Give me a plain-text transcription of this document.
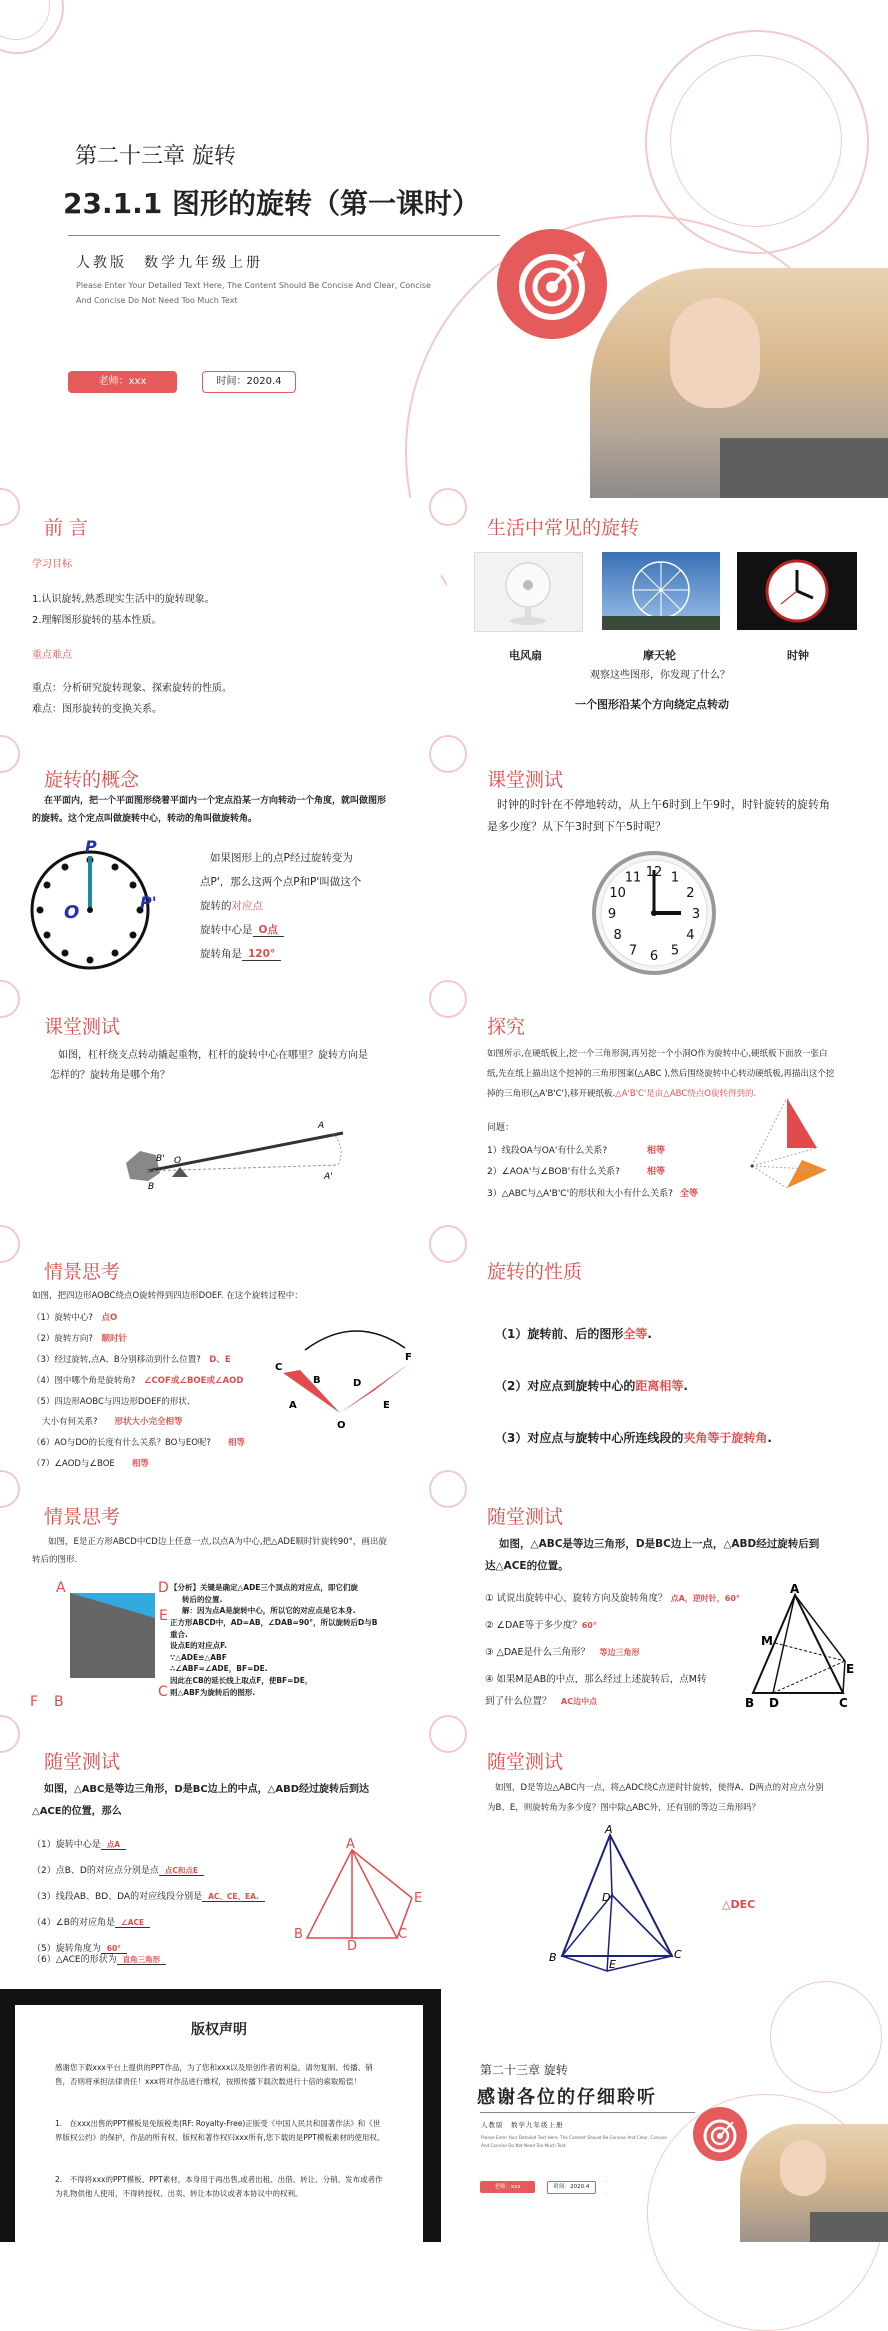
第二十三章 旋转
23.1.1 图形的旋转（第一课时）
人教版　数学九年级上册
Please Enter Your Detailed Text Here, The Content Should Be Concise And Clear, Concise
And Concise Do Not Need Too Much Text
老师：xxx	时间：2020.4
前 言
学习目标
1.认识旋转,熟悉现实生活中的旋转现象。
2.理解图形旋转的基本性质。
重点难点
重点：分析研究旋转现象、探索旋转的性质。
难点：图形旋转的变换关系。
生活中常见的旋转
电风扇	摩天轮	时钟
观察这些图形，你发现了什么？
一个图形沿某个方向绕定点转动
旋转的概念
在平面内，把一个平面图形绕着平面内一个定点沿某一方向转动一个角度，就叫做图形
的旋转。这个定点叫做旋转中心，转动的角叫做旋转角。
P
O	P'
如果图形上的点P经过旋转变为
点P'，那么这两个点P和P'叫做这个
旋转的对应点
旋转中心是 O点
旋转角是 120°
课堂测试
时钟的时针在不停地转动，从上午6时到上午9时，时针旋转的旋转角
是多少度？从下午3时到下午5时呢？
12 1
2
3
4
5
6
7
8
9
10
11
课堂测试
如图，杠杆绕支点转动撬起重物，杠杆的旋转中心在哪里？旋转方向是
怎样的？旋转角是哪个角？
A
A'
B
B' O
探究
如图所示,在硬纸板上,挖一个三角形洞,再另挖一个小洞O作为旋转中心,硬纸板下面放一张白
纸,先在纸上描出这个挖掉的三角形图案(△ABC ),然后围绕旋转中心转动硬纸板,再描出这个挖
掉的三角形(△A'B'C'),移开硬纸板.△A'B'C'是由△ABC绕点O旋转得到的.
问题：
1）线段OA与OA'有什么关系?	相等
2）∠AOA'与∠BOB'有什么关系?	相等
3）△ABC与△A'B'C'的形状和大小有什么关系? 全等
情景思考
如图，把四边形AOBC绕点O旋转得到四边形DOEF. 在这个旋转过程中：
（1）旋转中心?　 点O
（2）旋转方向?　 顺时针
（3）经过旋转,点A、B分别移动到什么位置?　 D、E
（4）图中哪个角是旋转角?　 ∠COF或∠BOE或∠AOD
（5）四边形AOBC与四边形DOEF的形状、
大小有何关系?　　 形状大小完全相等
（6）AO与DO的长度有什么关系？BO与EO呢?　　 相等
（7）∠AOD与∠BOE　　 相等
C
A
B	D
E
F
O
旋转的性质
（1）旋转前、后的图形全等.
（2）对应点到旋转中心的距离相等.
（3）对应点与旋转中心所连线段的夹角等于旋转角.
情景思考
如图，E是正方形ABCD中CD边上任意一点,以点A为中心,把△ADE顺时针旋转90°，画出旋
转后的图形.
A	D
E
F B
C
【分析】关键是确定△ADE三个顶点的对应点，即它们旋
转后的位置.
解：因为点A是旋转中心，所以它的对应点是它本身.
正方形ABCD中，AD=AB，∠DAB=90°，所以旋转后D与B
重合.
设点E的对应点F.
∵△ADE≌△ABF
∴∠ABF=∠ADE，BF=DE.
因此在CB的延长线上取点F，使BF=DE，
则△ABF为旋转后的图形.
随堂测试
如图，△ABC是等边三角形，D是BC边上一点，△ABD经过旋转后到
达△ACE的位置。
① 试说出旋转中心、旋转方向及旋转角度？ 点A，逆时针，60°
② ∠DAE等于多少度？60°
③ △DAE是什么三角形？　 等边三角形
④ 如果M是AB的中点，那么经过上述旋转后，点M转
到了什么位置？　 AC边中点
A
M
E
B D	C
随堂测试
如图，△ABC是等边三角形，D是BC边上的中点，△ABD经过旋转后到达
△ACE的位置，那么
（1）旋转中心是 点A
（2）点B、D的对应点分别是点 点C和点E
（3）线段AB、BD、DA的对应线段分别是 AC、CE、EA.
（4）∠B的对应角是 ∠ACE
（5）旋转角度为 60°
A
E
B
D
C
（6）△ACE的形状为 直角三角形
随堂测试
如图，D是等边△ABC内一点，将△ADC绕C点逆时针旋转，使得A、D两点的对应点分别
为B、E，则旋转角为多少度？图中除△ABC外，还有别的等边三角形吗？
A
D
B
E
C
△DEC
版权声明
感谢您下载xxx平台上提供的PPT作品，为了您和xxx以及原创作者的利益，请勿复制、传播、销售，否则将承担法律责任！xxx将对作品进行维权，按照传播下载次数进行十倍的索取赔偿！
1.　在xxx出售的PPT模板是免版税类(RF: Royalty-Free)正版受《中国人民共和国著作法》和《世界版权公约》的保护，作品的所有权、版权和著作权归xxx所有,您下载的是PPT模板素材的使用权。
2.　不得将xxx的PPT模板、PPT素材，本身用于再出售,或者出租、出借、转让、分销、发布或者作为礼物供他人使用，不得转授权、出卖、转让本协议或者本协议中的权利。
第二十三章 旋转
感谢各位的仔细聆听
人教版　数学九年级上册
Please Enter Your Detailed Text Here, The Content Should Be Concise And Clear, Concise
And Concise Do Not Need Too Much Text
老师：xxx	时间：2020.4
